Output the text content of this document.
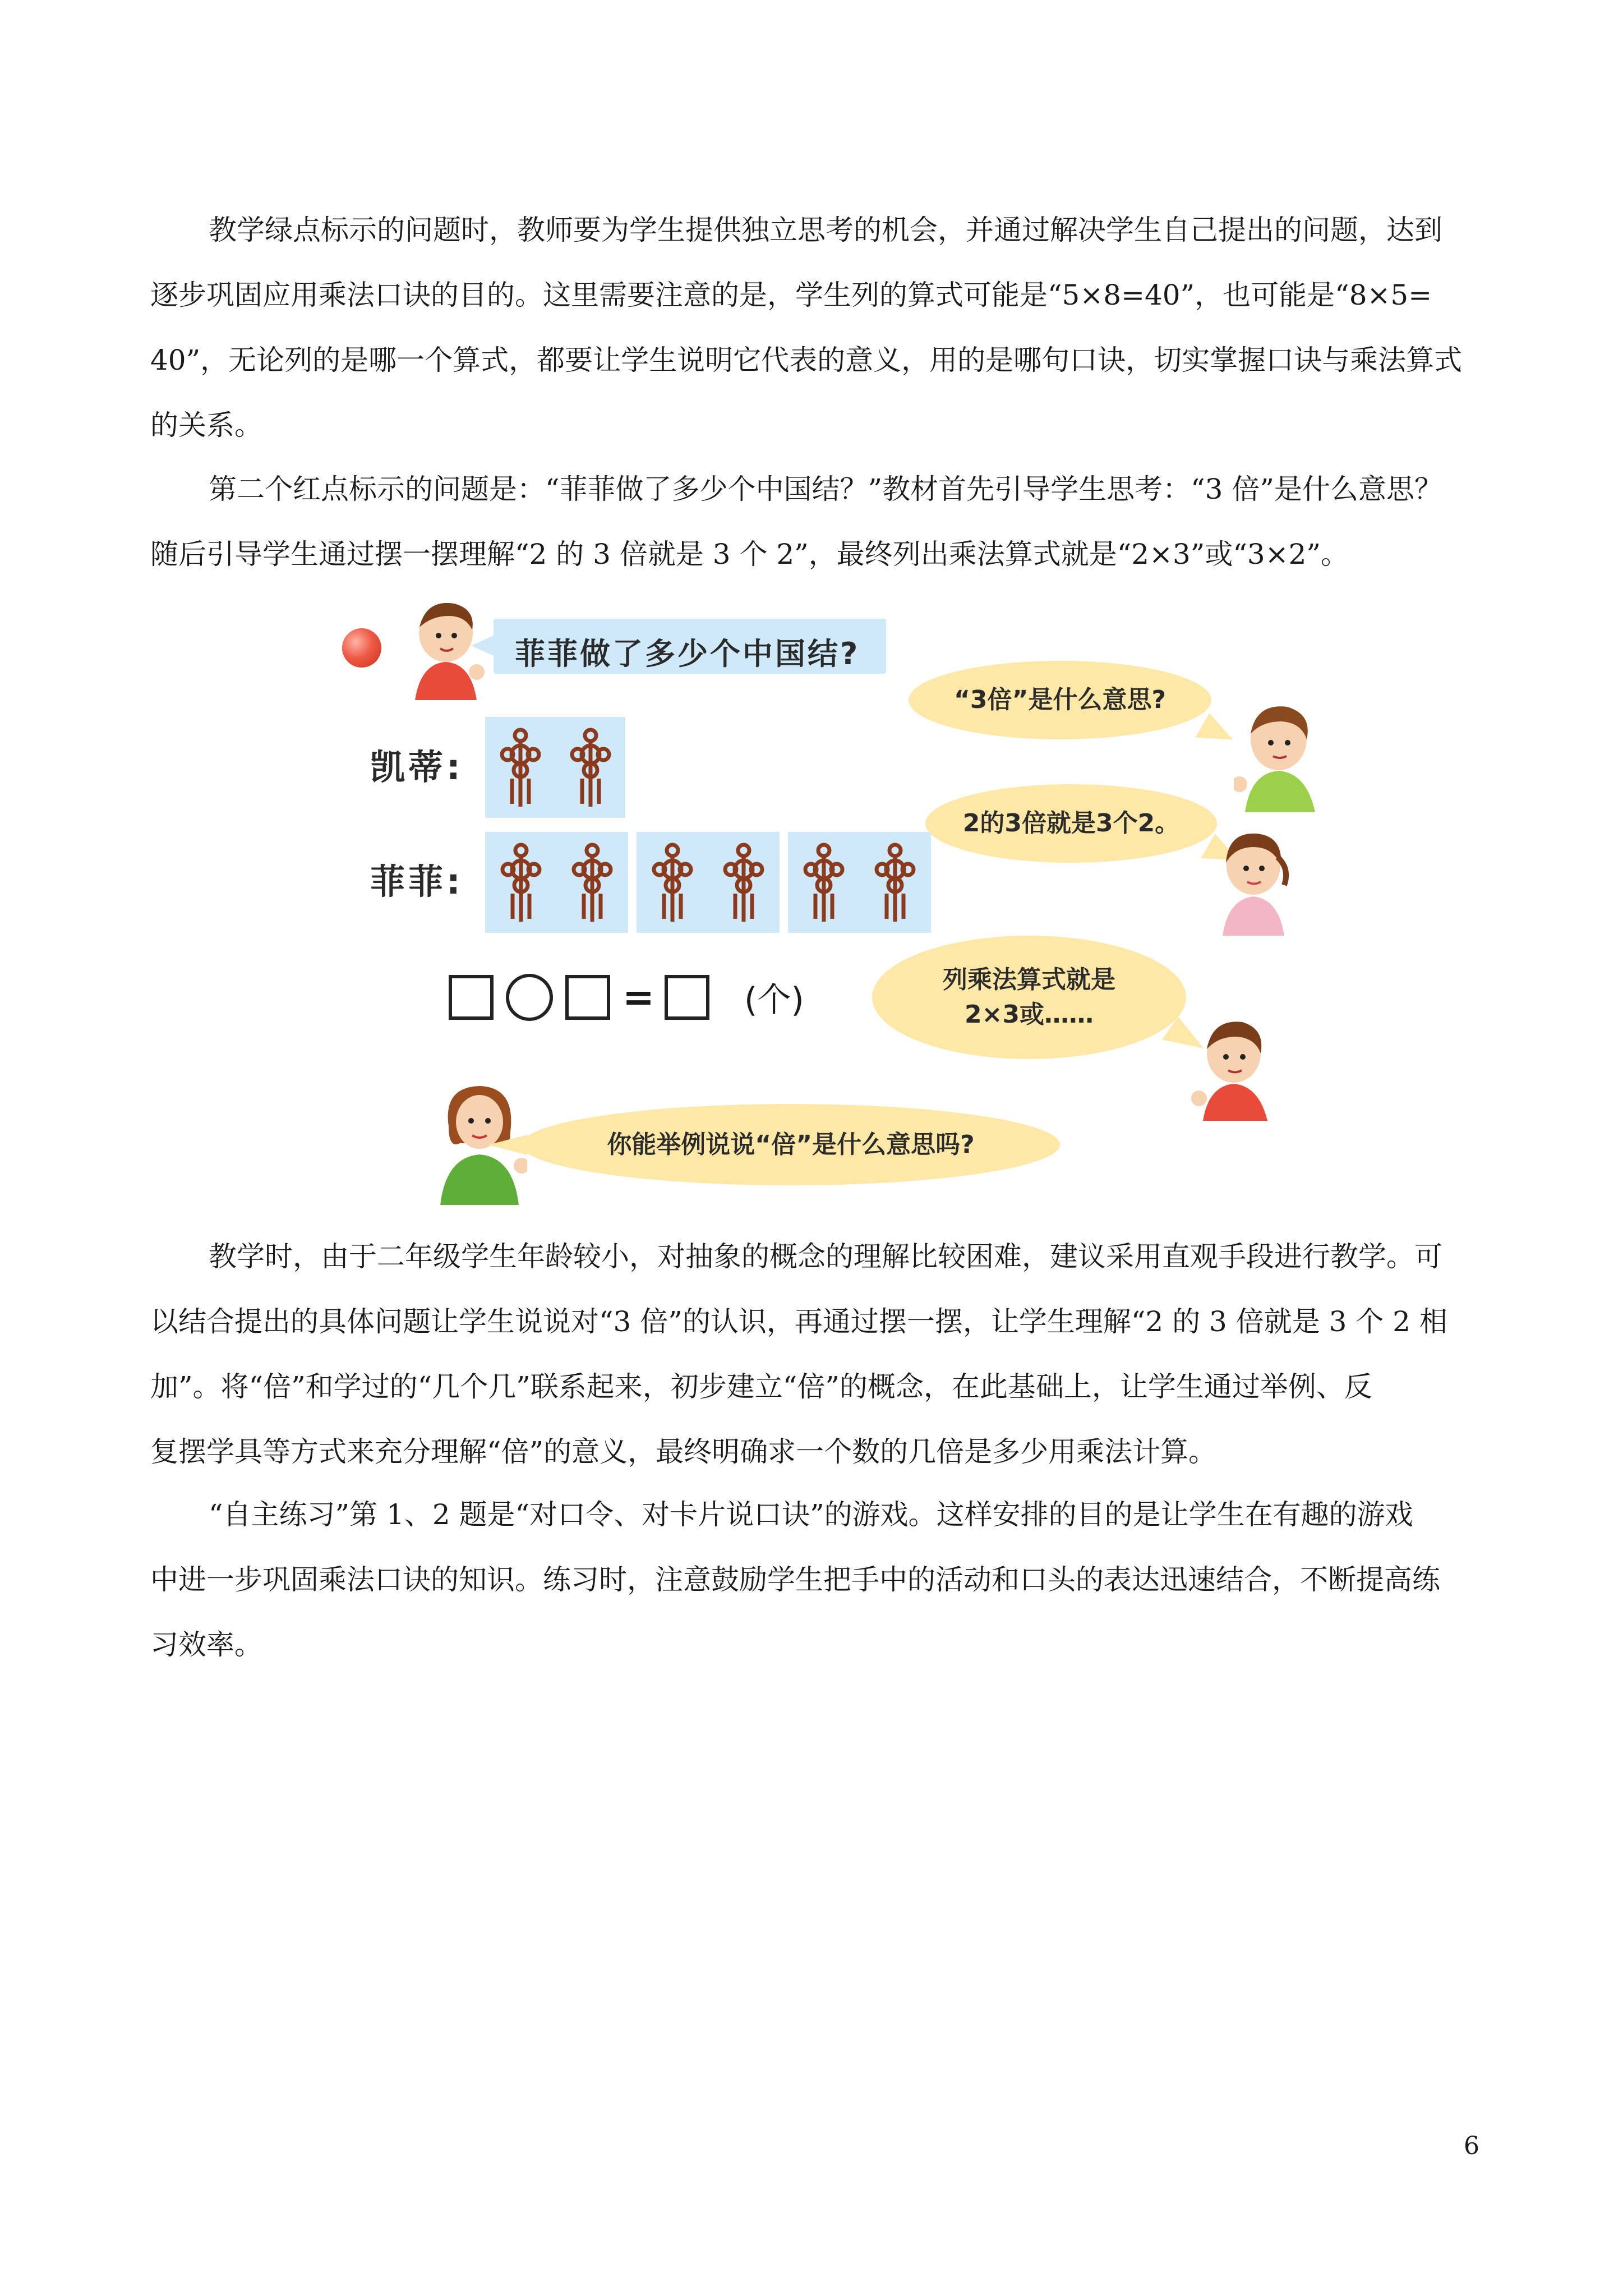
教学绿点标示的问题时，教师要为学生提供独立思考的机会，并通过解决学生自己提出的问题，达到
逐步巩固应用乘法口诀的目的。这里需要注意的是，学生列的算式可能是“5×8=40”，也可能是“8×5=
40”，无论列的是哪一个算式，都要让学生说明它代表的意义，用的是哪句口诀，切实掌握口诀与乘法算式
的关系。
第二个红点标示的问题是：“菲菲做了多少个中国结？”教材首先引导学生思考：“3 倍”是什么意思？
随后引导学生通过摆一摆理解“2 的 3 倍就是 3 个 2”，最终列出乘法算式就是“2×3”或“3×2”。
菲菲做了多少个中国结?
“3倍”是什么意思?
凯蒂:
2的3倍就是3个2。
菲菲:
=	(个)
列乘法算式就是
2×3或……
你能举例说说“倍”是什么意思吗?
教学时，由于二年级学生年龄较小，对抽象的概念的理解比较困难，建议采用直观手段进行教学。可
以结合提出的具体问题让学生说说对“3 倍”的认识，再通过摆一摆，让学生理解“2 的 3 倍就是 3 个 2 相
加”。将“倍”和学过的“几个几”联系起来，初步建立“倍”的概念，在此基础上，让学生通过举例、反
复摆学具等方式来充分理解“倍”的意义，最终明确求一个数的几倍是多少用乘法计算。
“自主练习”第 1、2 题是“对口令、对卡片说口诀”的游戏。这样安排的目的是让学生在有趣的游戏
中进一步巩固乘法口诀的知识。练习时，注意鼓励学生把手中的活动和口头的表达迅速结合，不断提高练
习效率。
6
